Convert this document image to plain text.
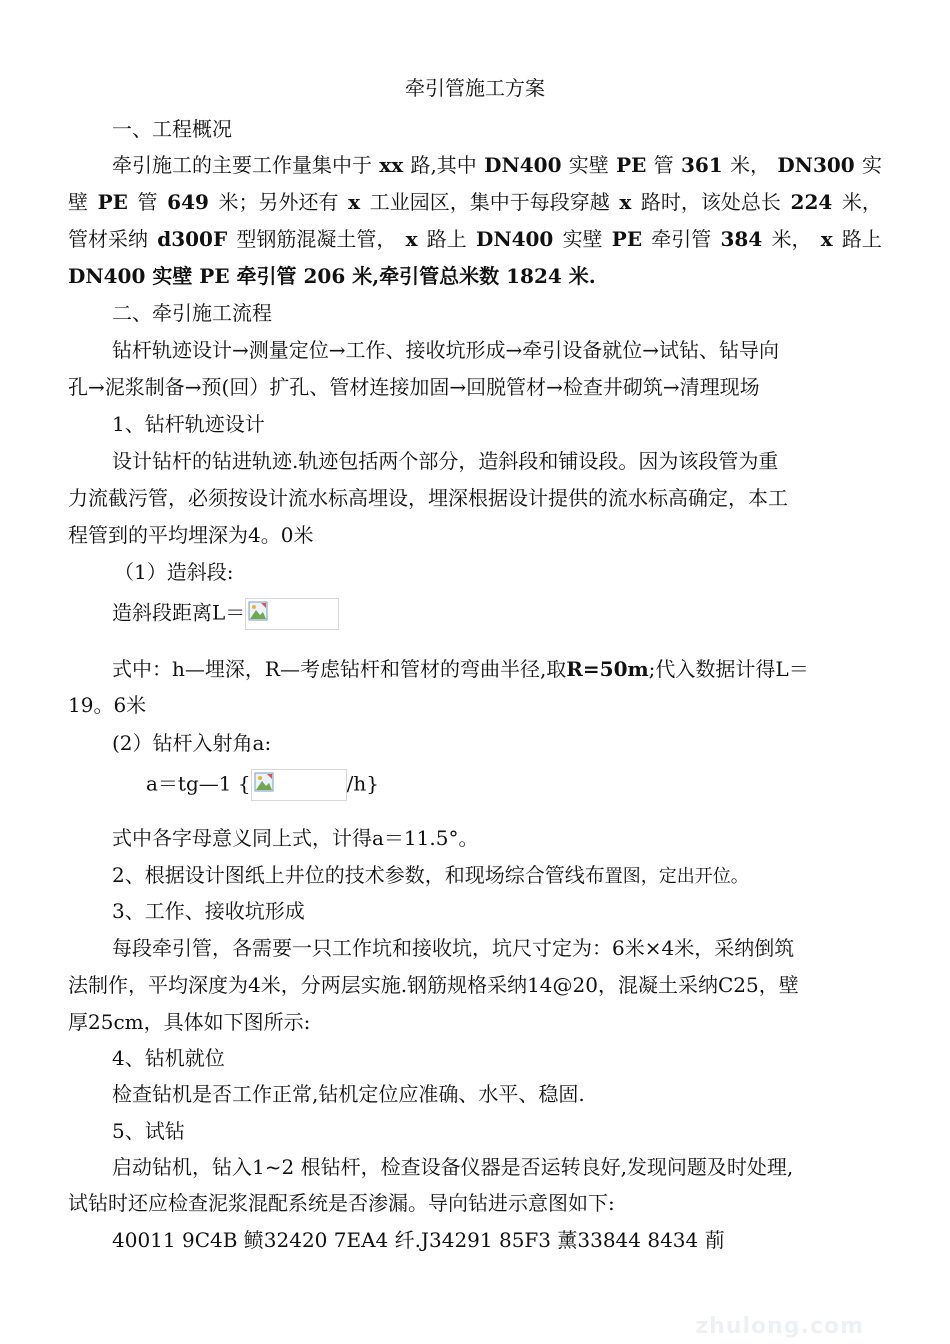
牵引管施工方案
一、工程概况
牵引施工的主要工作量集中于 xx 路,其中 DN400 实壁 PE 管 361 米， DN300 实
壁 PE 管 649 米；另外还有 x 工业园区，集中于每段穿越 x 路时，该处总长 224 米，
管材采纳 d300F 型钢筋混凝土管， x 路上 DN400 实壁 PE 牵引管 384 米， x 路上
DN400 实壁 PE 牵引管 206 米,牵引管总米数 1824 米.
二、牵引施工流程
钻杆轨迹设计→测量定位→工作、接收坑形成→牵引设备就位→试钻、钻导向
孔→泥浆制备→预(回）扩孔、管材连接加固→回脱管材→检查井砌筑→清理现场
1、钻杆轨迹设计
设计钻杆的钻进轨迹.轨迹包括两个部分，造斜段和铺设段。因为该段管为重
力流截污管，必须按设计流水标高埋设，埋深根据设计提供的流水标高确定，本工
程管到的平均埋深为4。0米
（1）造斜段:
造斜段距离L＝
式中：h—埋深，R—考虑钻杆和管材的弯曲半径,取R=50m;代入数据计得L＝
19。6米
(2）钻杆入射角a:
a＝tg—1 {	/h}
式中各字母意义同上式，计得a＝11.5°。
2、根据设计图纸上井位的技术参数，和现场综合管线布置图，定出开位。
3、工作、接收坑形成
每段牵引管，各需要一只工作坑和接收坑，坑尺寸定为：6米×4米，采纳倒筑
法制作，平均深度为4米，分两层实施.钢筋规格采纳14@20，混凝土采纳C25，壁
厚25cm，具体如下图所示:
4、钻机就位
检查钻机是否工作正常,钻机定位应准确、水平、稳固.
5、试钻
启动钻机，钻入1~2 根钻杆，检查设备仪器是否运转良好,发现问题及时处理,
试钻时还应检查泥浆混配系统是否渗漏。导向钻进示意图如下:
40011 9C4B 鲼32420 7EA4 纤.J34291 85F3 薰33844 8434 萷
zhulong.com
